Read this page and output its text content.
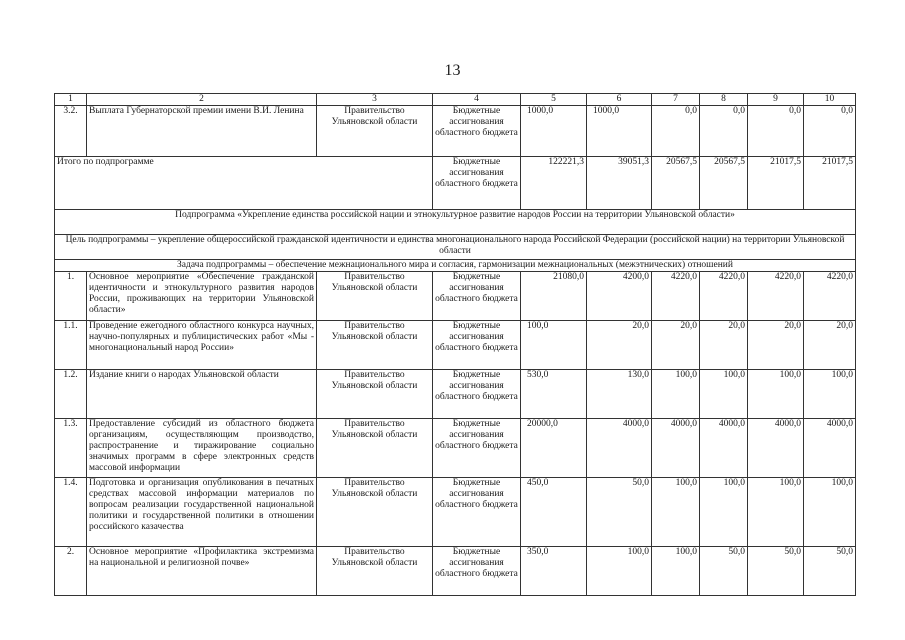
13
1	2	3	4	5	6	7	8	9	10
3.2.	Выплата Губернаторской премии имени В.И. Ленина	Правительство Ульяновской области	Бюджетные ассигнования областного бюджета	1000,0	1000,0	0,0	0,0	0,0	0,0
Итого по подпрограмме			Бюджетные ассигнования областного бюджета	122221,3	39051,3	20567,5	20567,5	21017,5	21017,5
Подпрограмма «Укрепление единства российской нации и этнокультурное развитие народов России на территории Ульяновской области»									
Цель подпрограммы – укрепление общероссийской гражданской идентичности и единства многонационального народа Российской Федерации (российской нации) на территории Ульяновской области									
Задача подпрограммы – обеспечение межнационального мира и согласия, гармонизации межнациональных (межэтнических) отношений									
1.	Основное мероприятие «Обеспечение гражданской идентичности и этнокультурного развития народов России, проживающих на территории Ульяновской области»	Правительство Ульяновской области	Бюджетные ассигнования областного бюджета	21080,0	4200,0	4220,0	4220,0	4220,0	4220,0
1.1.	Проведение ежегодного областного конкурса научных, научно-популярных и публицистических работ «Мы - многонациональный народ России»	Правительство Ульяновской области	Бюджетные ассигнования областного бюджета	100,0	20,0	20,0	20,0	20,0	20,0
1.2.	Издание книги о народах Ульяновской области	Правительство Ульяновской области	Бюджетные ассигнования областного бюджета	530,0	130,0	100,0	100,0	100,0	100,0
1.3.	Предоставление субсидий из областного бюджета организациям, осуществляющим производство, распространение и тиражирование социально значимых программ в сфере электронных средств массовой информации	Правительство Ульяновской области	Бюджетные ассигнования областного бюджета	20000,0	4000,0	4000,0	4000,0	4000,0	4000,0
1.4.	Подготовка и организация опубликования в печатных средствах массовой информации материалов по вопросам реализации государственной национальной политики и государственной политики в отношении российского казачества	Правительство Ульяновской области	Бюджетные ассигнования областного бюджета	450,0	50,0	100,0	100,0	100,0	100,0
2.	Основное мероприятие «Профилактика экстремизма на национальной и религиозной почве»	Правительство Ульяновской области	Бюджетные ассигнования областного бюджета	350,0	100,0	100,0	50,0	50,0	50,0
